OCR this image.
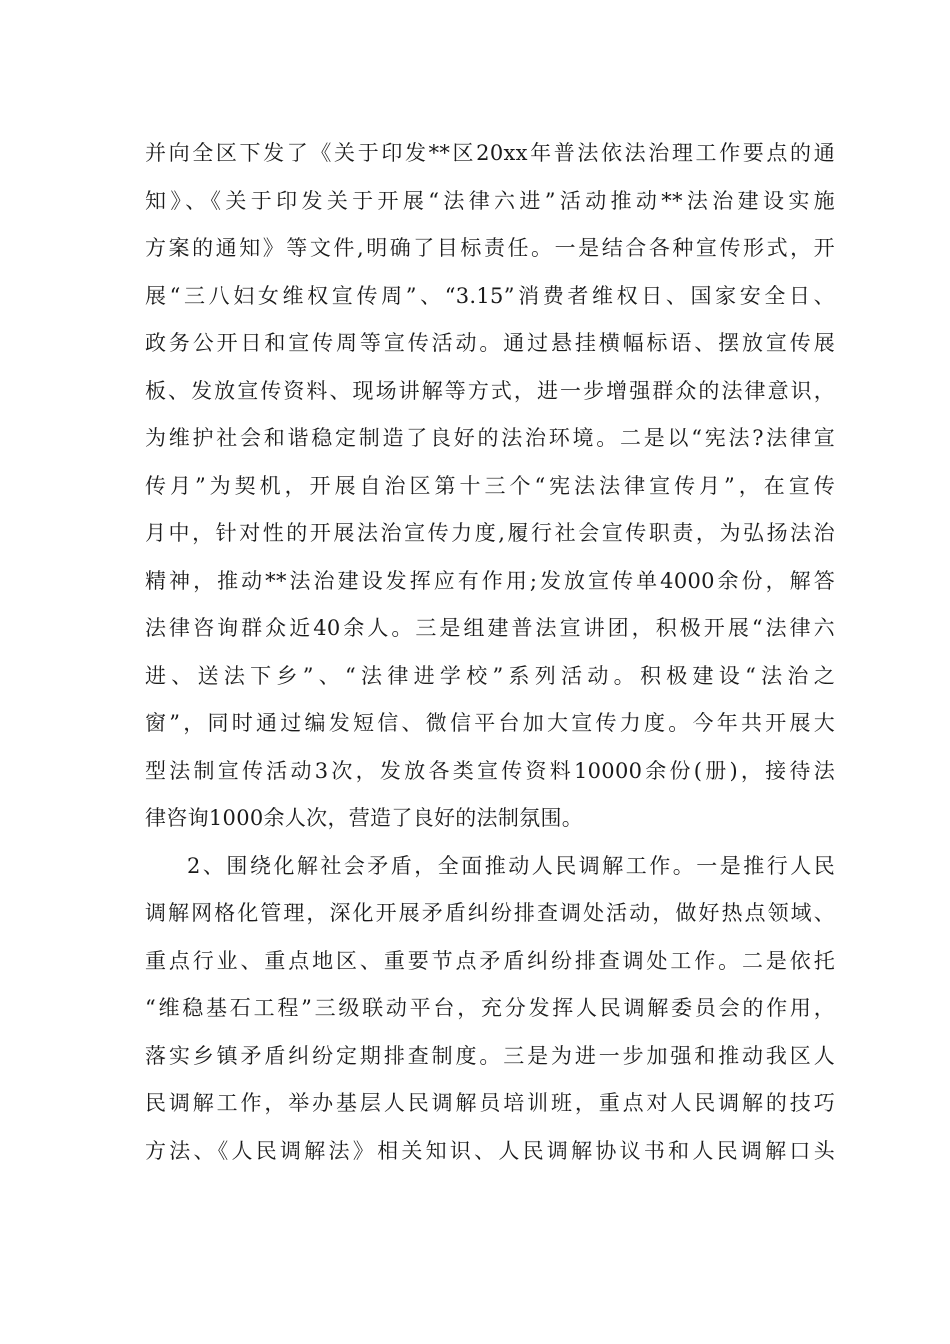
并向全区下发了《关于印发**区20xx年普法依法治理工作要点的通
知》、《关于印发关于开展“法律六进”活动推动**法治建设实施
方案的通知》等文件,明确了目标责任。一是结合各种宣传形式，开
展“三八妇女维权宣传周”、“3.15”消费者维权日、国家安全日、
政务公开日和宣传周等宣传活动。通过悬挂横幅标语、摆放宣传展
板、发放宣传资料、现场讲解等方式，进一步增强群众的法律意识，
为维护社会和谐稳定制造了良好的法治环境。二是以“宪法?法律宣
传月”为契机，开展自治区第十三个“宪法法律宣传月”，在宣传
月中，针对性的开展法治宣传力度,履行社会宣传职责，为弘扬法治
精神，推动**法治建设发挥应有作用;发放宣传单4000余份，解答
法律咨询群众近40余人。三是组建普法宣讲团，积极开展“法律六
进、送法下乡”、“法律进学校”系列活动。积极建设“法治之
窗”，同时通过编发短信、微信平台加大宣传力度。今年共开展大
型法制宣传活动3次，发放各类宣传资料10000余份(册)，接待法
律咨询1000余人次，营造了良好的法制氛围。
2、围绕化解社会矛盾，全面推动人民调解工作。一是推行人民
调解网格化管理，深化开展矛盾纠纷排查调处活动，做好热点领域、
重点行业、重点地区、重要节点矛盾纠纷排查调处工作。二是依托
“维稳基石工程”三级联动平台，充分发挥人民调解委员会的作用，
落实乡镇矛盾纠纷定期排查制度。三是为进一步加强和推动我区人
民调解工作，举办基层人民调解员培训班，重点对人民调解的技巧
方法、《人民调解法》相关知识、人民调解协议书和人民调解口头
